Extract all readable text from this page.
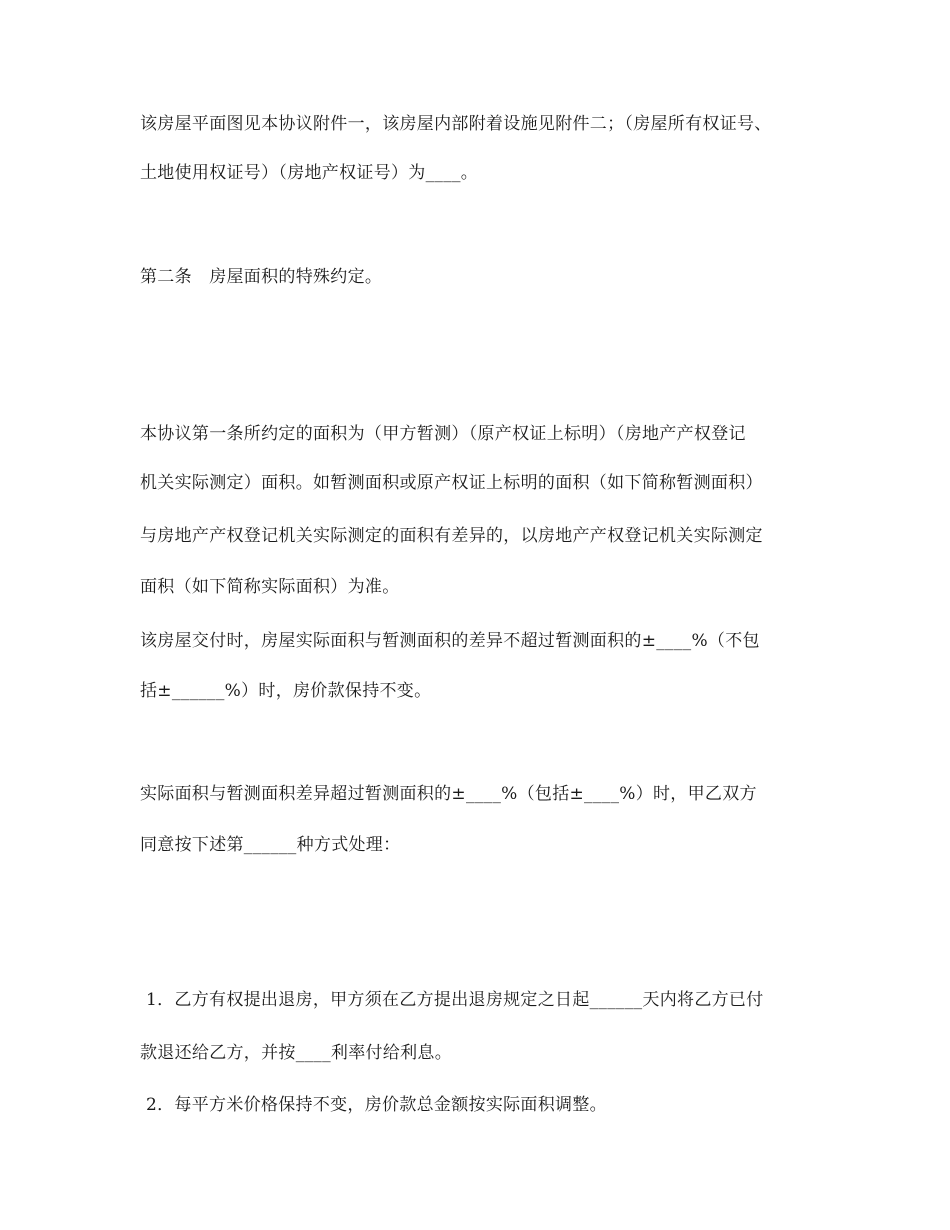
该房屋平面图见本协议附件一，该房屋内部附着设施见附件二；（房屋所有权证号、
土地使用权证号）（房地产权证号）为____。
第二条　房屋面积的特殊约定。
本协议第一条所约定的面积为（甲方暂测）（原产权证上标明）（房地产产权登记
机关实际测定）面积。如暂测面积或原产权证上标明的面积（如下简称暂测面积）
与房地产产权登记机关实际测定的面积有差异的，以房地产产权登记机关实际测定
面积（如下简称实际面积）为准。
该房屋交付时，房屋实际面积与暂测面积的差异不超过暂测面积的±____%（不包
括±______%）时，房价款保持不变。
实际面积与暂测面积差异超过暂测面积的±____%（包括±____%）时，甲乙双方
同意按下述第______种方式处理：
1．乙方有权提出退房，甲方须在乙方提出退房规定之日起______天内将乙方已付
款退还给乙方，并按____利率付给利息。
2．每平方米价格保持不变，房价款总金额按实际面积调整。
